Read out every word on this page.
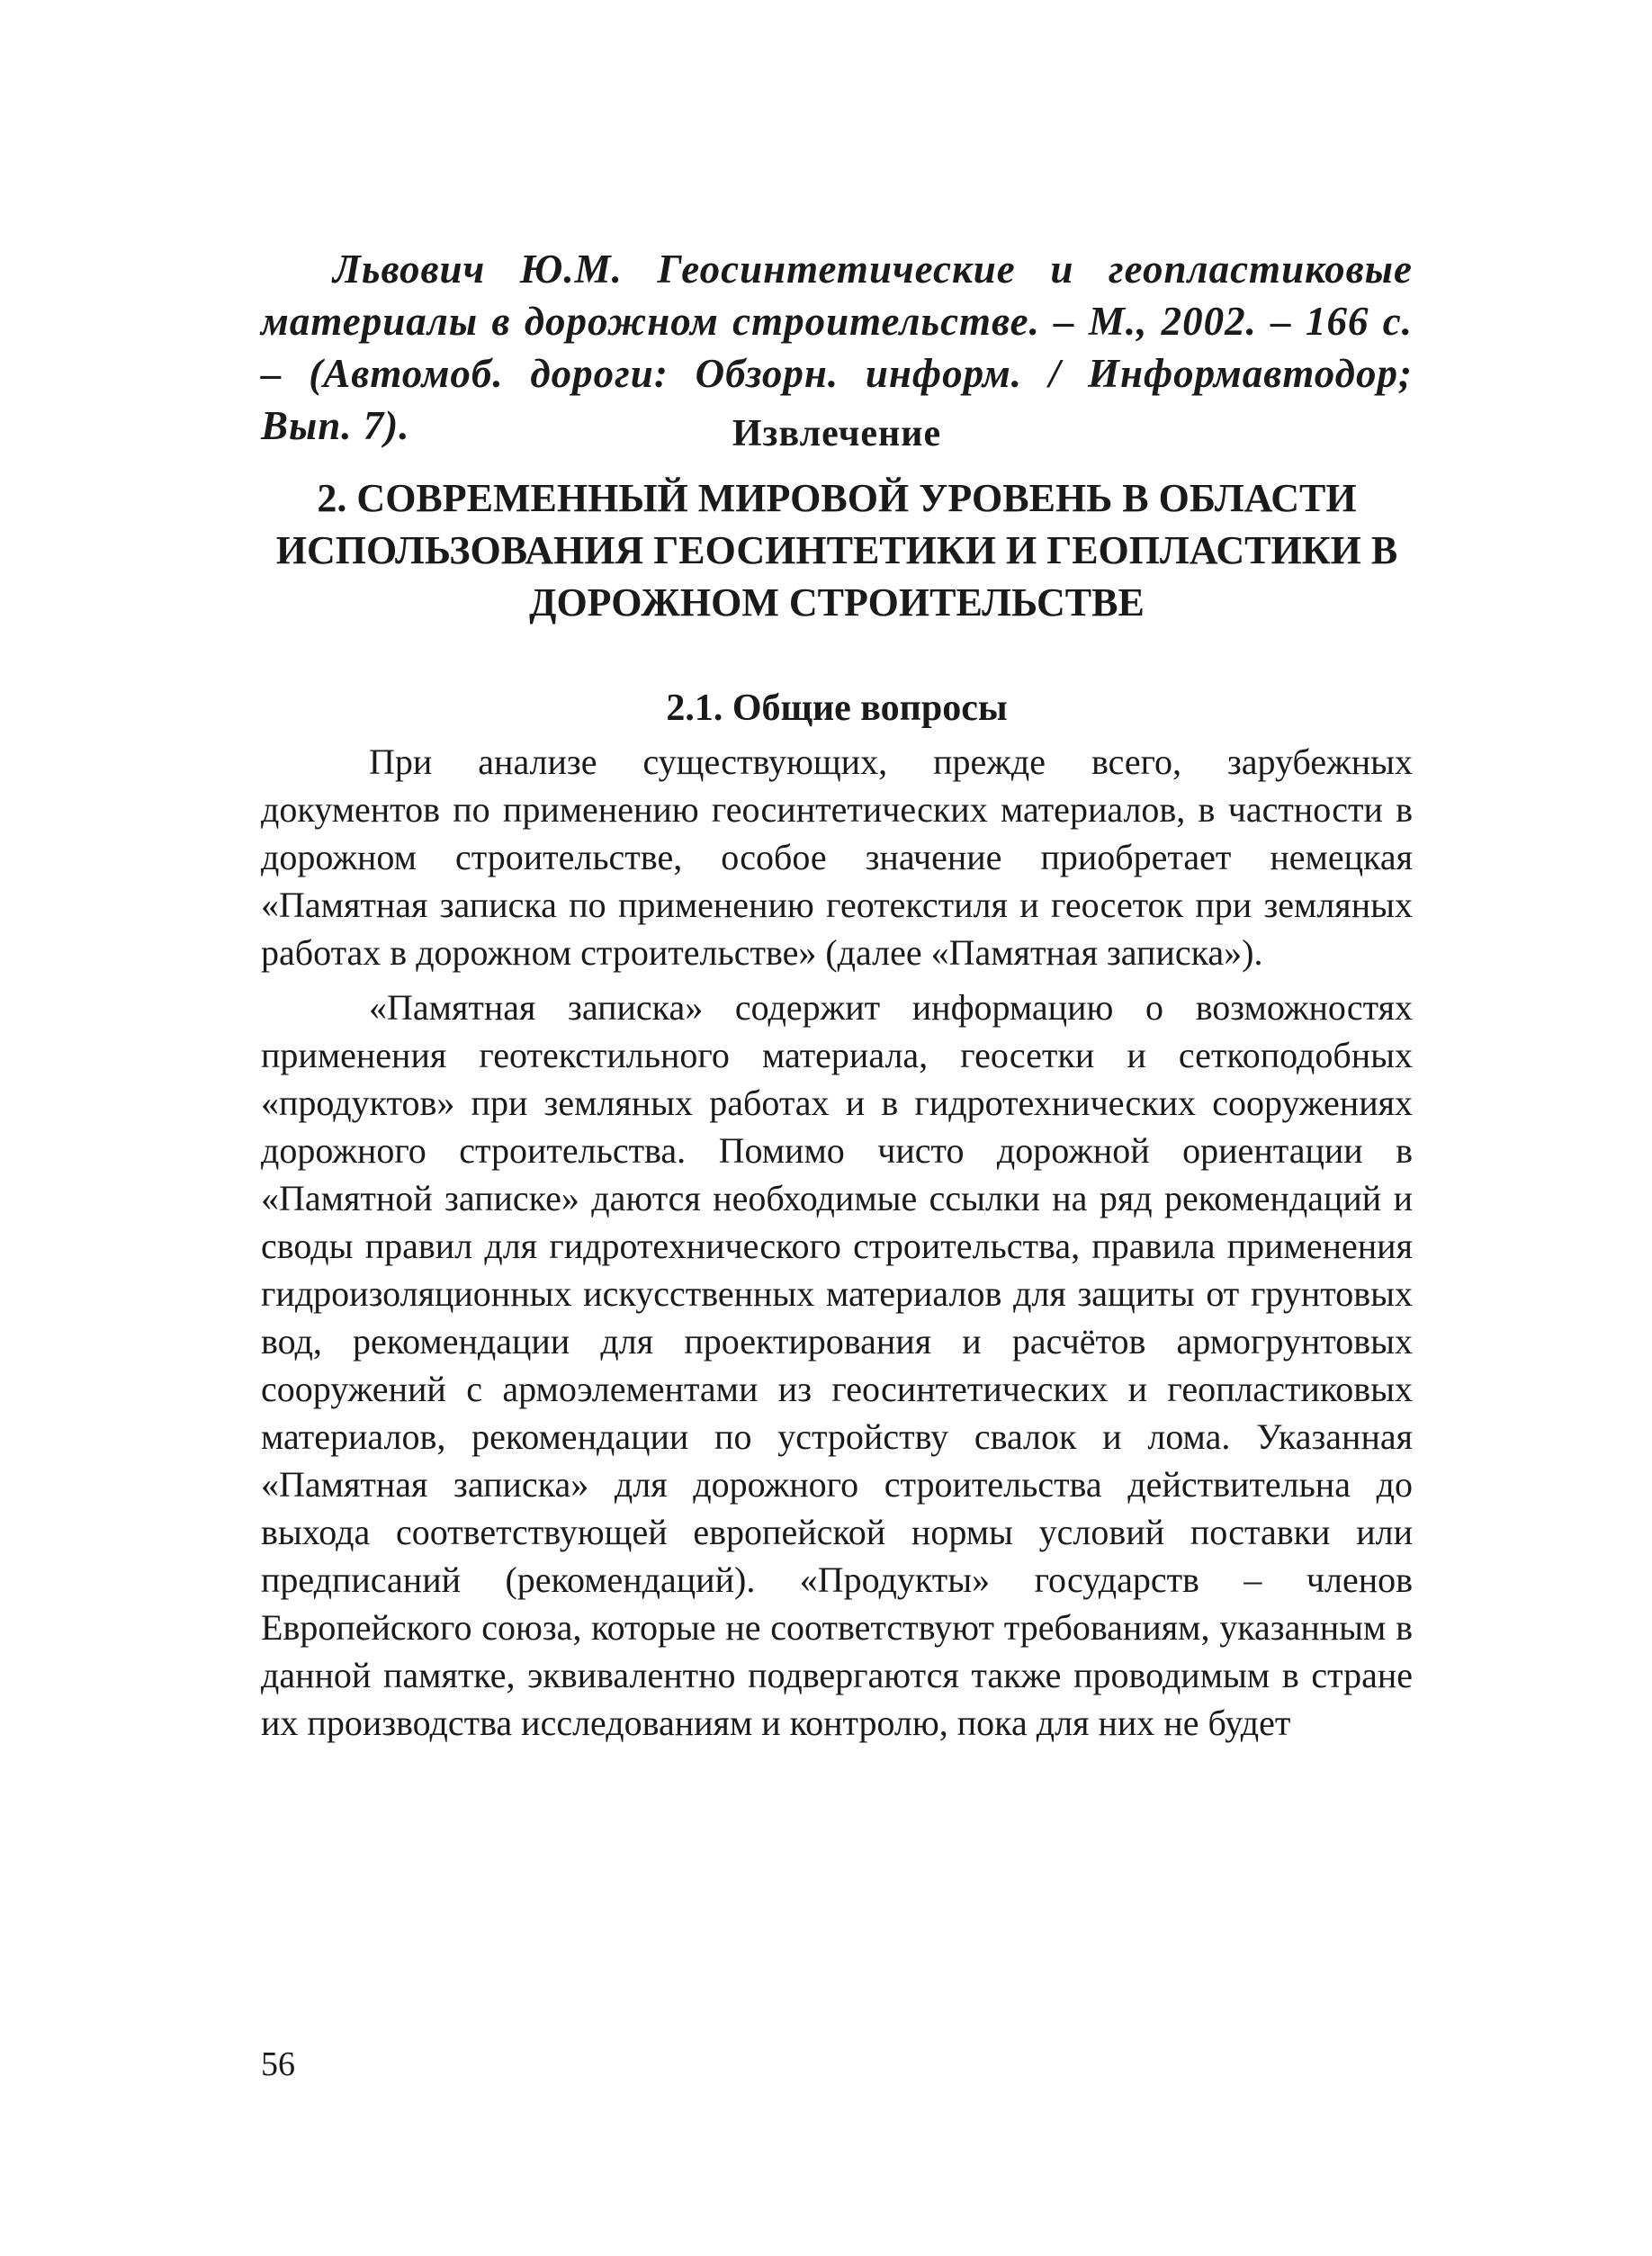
Львович Ю.М. Геосинтетические и геопластиковые материалы в дорожном строительстве. – М., 2002. – 166 с. – (Автомоб. дороги: Обзорн. информ. / Информавтодор; Вып. 7).	Извлечение
2. СОВРЕМЕННЫЙ МИРОВОЙ УРОВЕНЬ В ОБЛАСТИ ИСПОЛЬЗОВАНИЯ ГЕОСИНТЕТИКИ И ГЕОПЛАСТИКИ В ДОРОЖНОМ СТРОИТЕЛЬСТВЕ
2.1. Общие вопросы

При анализе существующих, прежде всего, зарубежных документов по применению геосинтетических материалов, в частности в дорожном строительстве, особое значение приобретает немецкая «Памятная записка по применению геотекстиля и геосеток при земляных работах в дорожном строительстве» (далее «Памятная записка»).

«Памятная записка» содержит информацию о возможностях применения геотекстильного материала, геосетки и сеткоподобных «продуктов» при земляных работах и в гидротехнических сооружениях дорожного строительства. Помимо чисто дорожной ориентации в «Памятной записке» даются необходимые ссылки на ряд рекомендаций и своды правил для гидротехнического строительства, правила применения гидроизоляционных искусственных материалов для защиты от грунтовых вод, рекомендации для проектирования и расчётов армогрунтовых сооружений с армоэлементами из геосинтетических и геопластиковых материалов, рекомендации по устройству свалок и лома. Указанная «Памятная записка» для дорожного строительства действительна до выхода соответствующей европейской нормы условий поставки или предписаний (рекомендаций). «Продукты» государств – членов Европейского союза, которые не соответствуют требованиям, указанным в данной памятке, эквивалентно подвергаются также проводимым в стране их производства исследованиям и контролю, пока для них не будет

56
